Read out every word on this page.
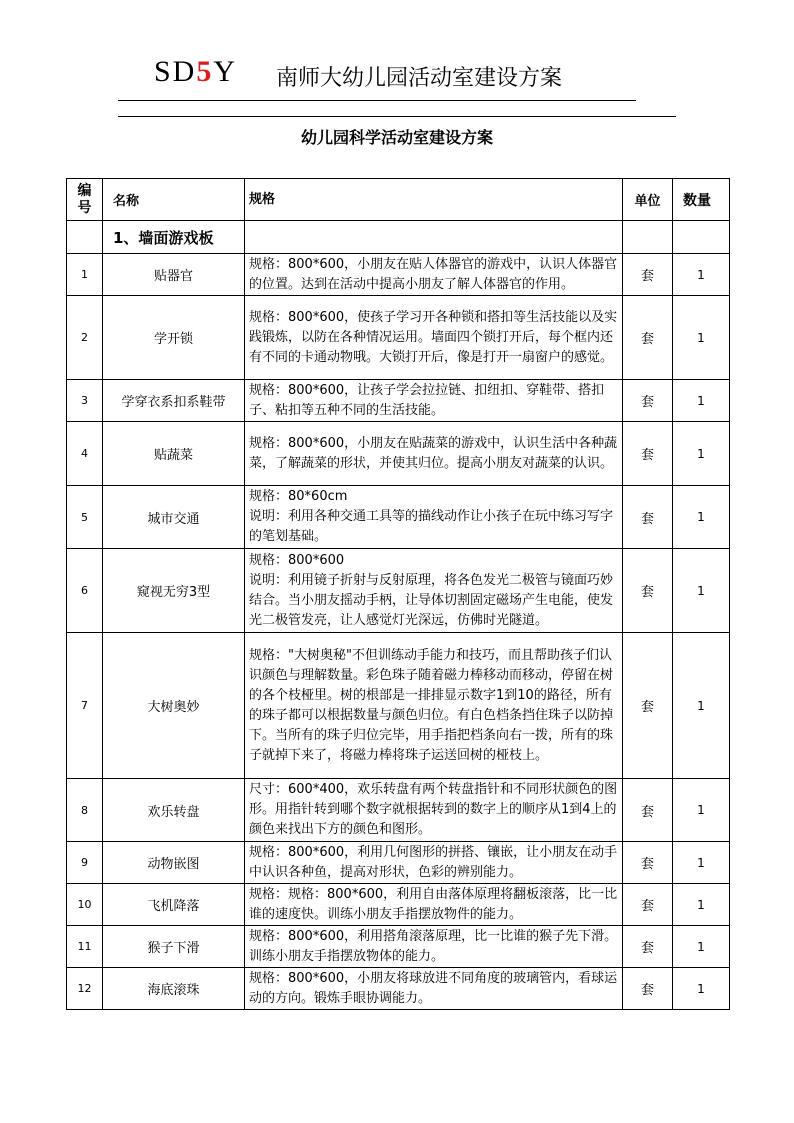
SD5Y 南师大幼儿园活动室建设方案
幼儿园科学活动室建设方案
编号	名称	规格	单位	数量
	1、墙面游戏板			
1	贴器官	规格：800*600，小朋友在贴人体器官的游戏中，认识人体器官的位置。达到在活动中提高小朋友了解人体器官的作用。	套	1
2	学开锁	规格：800*600，使孩子学习开各种锁和搭扣等生活技能以及实践锻炼，以防在各种情况运用。墙面四个锁打开后，每个框内还有不同的卡通动物哦。大锁打开后，像是打开一扇窗户的感觉。	套	1
3	学穿衣系扣系鞋带	规格：800*600，让孩子学会拉拉链、扣纽扣、穿鞋带、搭扣子、粘扣等五种不同的生活技能。	套	1
4	贴蔬菜	规格：800*600，小朋友在贴蔬菜的游戏中，认识生活中各种蔬菜，了解蔬菜的形状，并使其归位。提高小朋友对蔬菜的认识。	套	1
5	城市交通	规格：80*60cm
说明：利用各种交通工具等的描线动作让小孩子在玩中练习写字的笔划基础。	套	1
6	窥视无穷3型	规格：800*600
说明：利用镜子折射与反射原理，将各色发光二极管与镜面巧妙结合。当小朋友摇动手柄，让导体切割固定磁场产生电能，使发光二极管发亮，让人感觉灯光深远，仿佛时光隧道。	套	1
7	大树奥妙	规格："大树奥秘"不但训练动手能力和技巧，而且帮助孩子们认识颜色与理解数量。彩色珠子随着磁力棒移动而移动，停留在树的各个枝桠里。树的根部是一排排显示数字1到10的路径，所有的珠子都可以根据数量与颜色归位。有白色档条挡住珠子以防掉下。当所有的珠子归位完毕，用手指把档条向右一拨，所有的珠子就掉下来了，将磁力棒将珠子运送回树的桠枝上。	套	1
8	欢乐转盘	尺寸：600*400，欢乐转盘有两个转盘指针和不同形状颜色的图形。用指针转到哪个数字就根据转到的数字上的顺序从1到4上的颜色来找出下方的颜色和图形。	套	1
9	动物嵌图	规格：800*600，利用几何图形的拼搭、镶嵌，让小朋友在动手中认识各种鱼，提高对形状，色彩的辨别能力。	套	1
10	飞机降落	规格：规格：800*600，利用自由落体原理将翻板滚落，比一比谁的速度快。训练小朋友手指摆放物件的能力。	套	1
11	猴子下滑	规格：800*600，利用搭角滚落原理，比一比谁的猴子先下滑。训练小朋友手指摆放物体的能力。	套	1
12	海底滚珠	规格：800*600，小朋友将球放进不同角度的玻璃管内，看球运动的方向。锻炼手眼协调能力。	套	1
